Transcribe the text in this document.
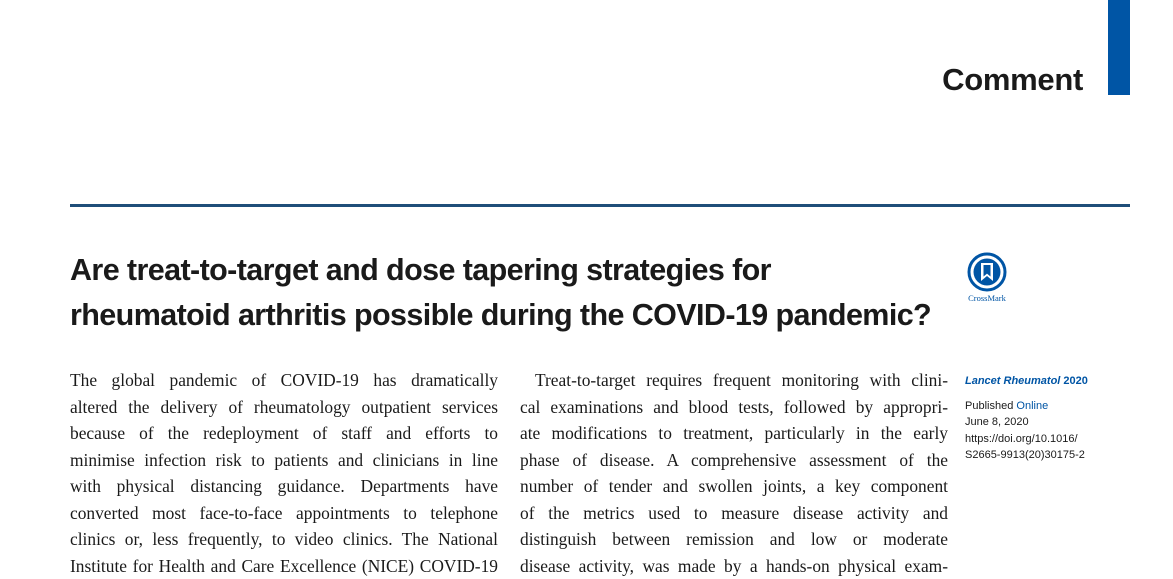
Comment
Are treat-to-target and dose tapering strategies for
rheumatoid arthritis possible during the COVID-19 pandemic?	CrossMark
The global pandemic of COVID-19 has dramatically
altered the delivery of rheumatology outpatient services
because of the redeployment of staff and efforts to
minimise infection risk to patients and clinicians in line
with physical distancing guidance. Departments have
converted most face-to-face appointments to telephone
clinics or, less frequently, to video clinics. The National
Institute for Health and Care Excellence (NICE) COVID-19
Treat-to-target requires frequent monitoring with clini-
cal examinations and blood tests, followed by appropri-
ate modifications to treatment, particularly in the early
phase of disease. A comprehensive assessment of the
number of tender and swollen joints, a key component
of the metrics used to measure disease activity and
distinguish between remission and low or moderate
disease activity, was made by a hands-on physical exam-
Lancet Rheumatol 2020
Published Online
June 8, 2020
https://doi.org/10.1016/
S2665-9913(20)30175-2
